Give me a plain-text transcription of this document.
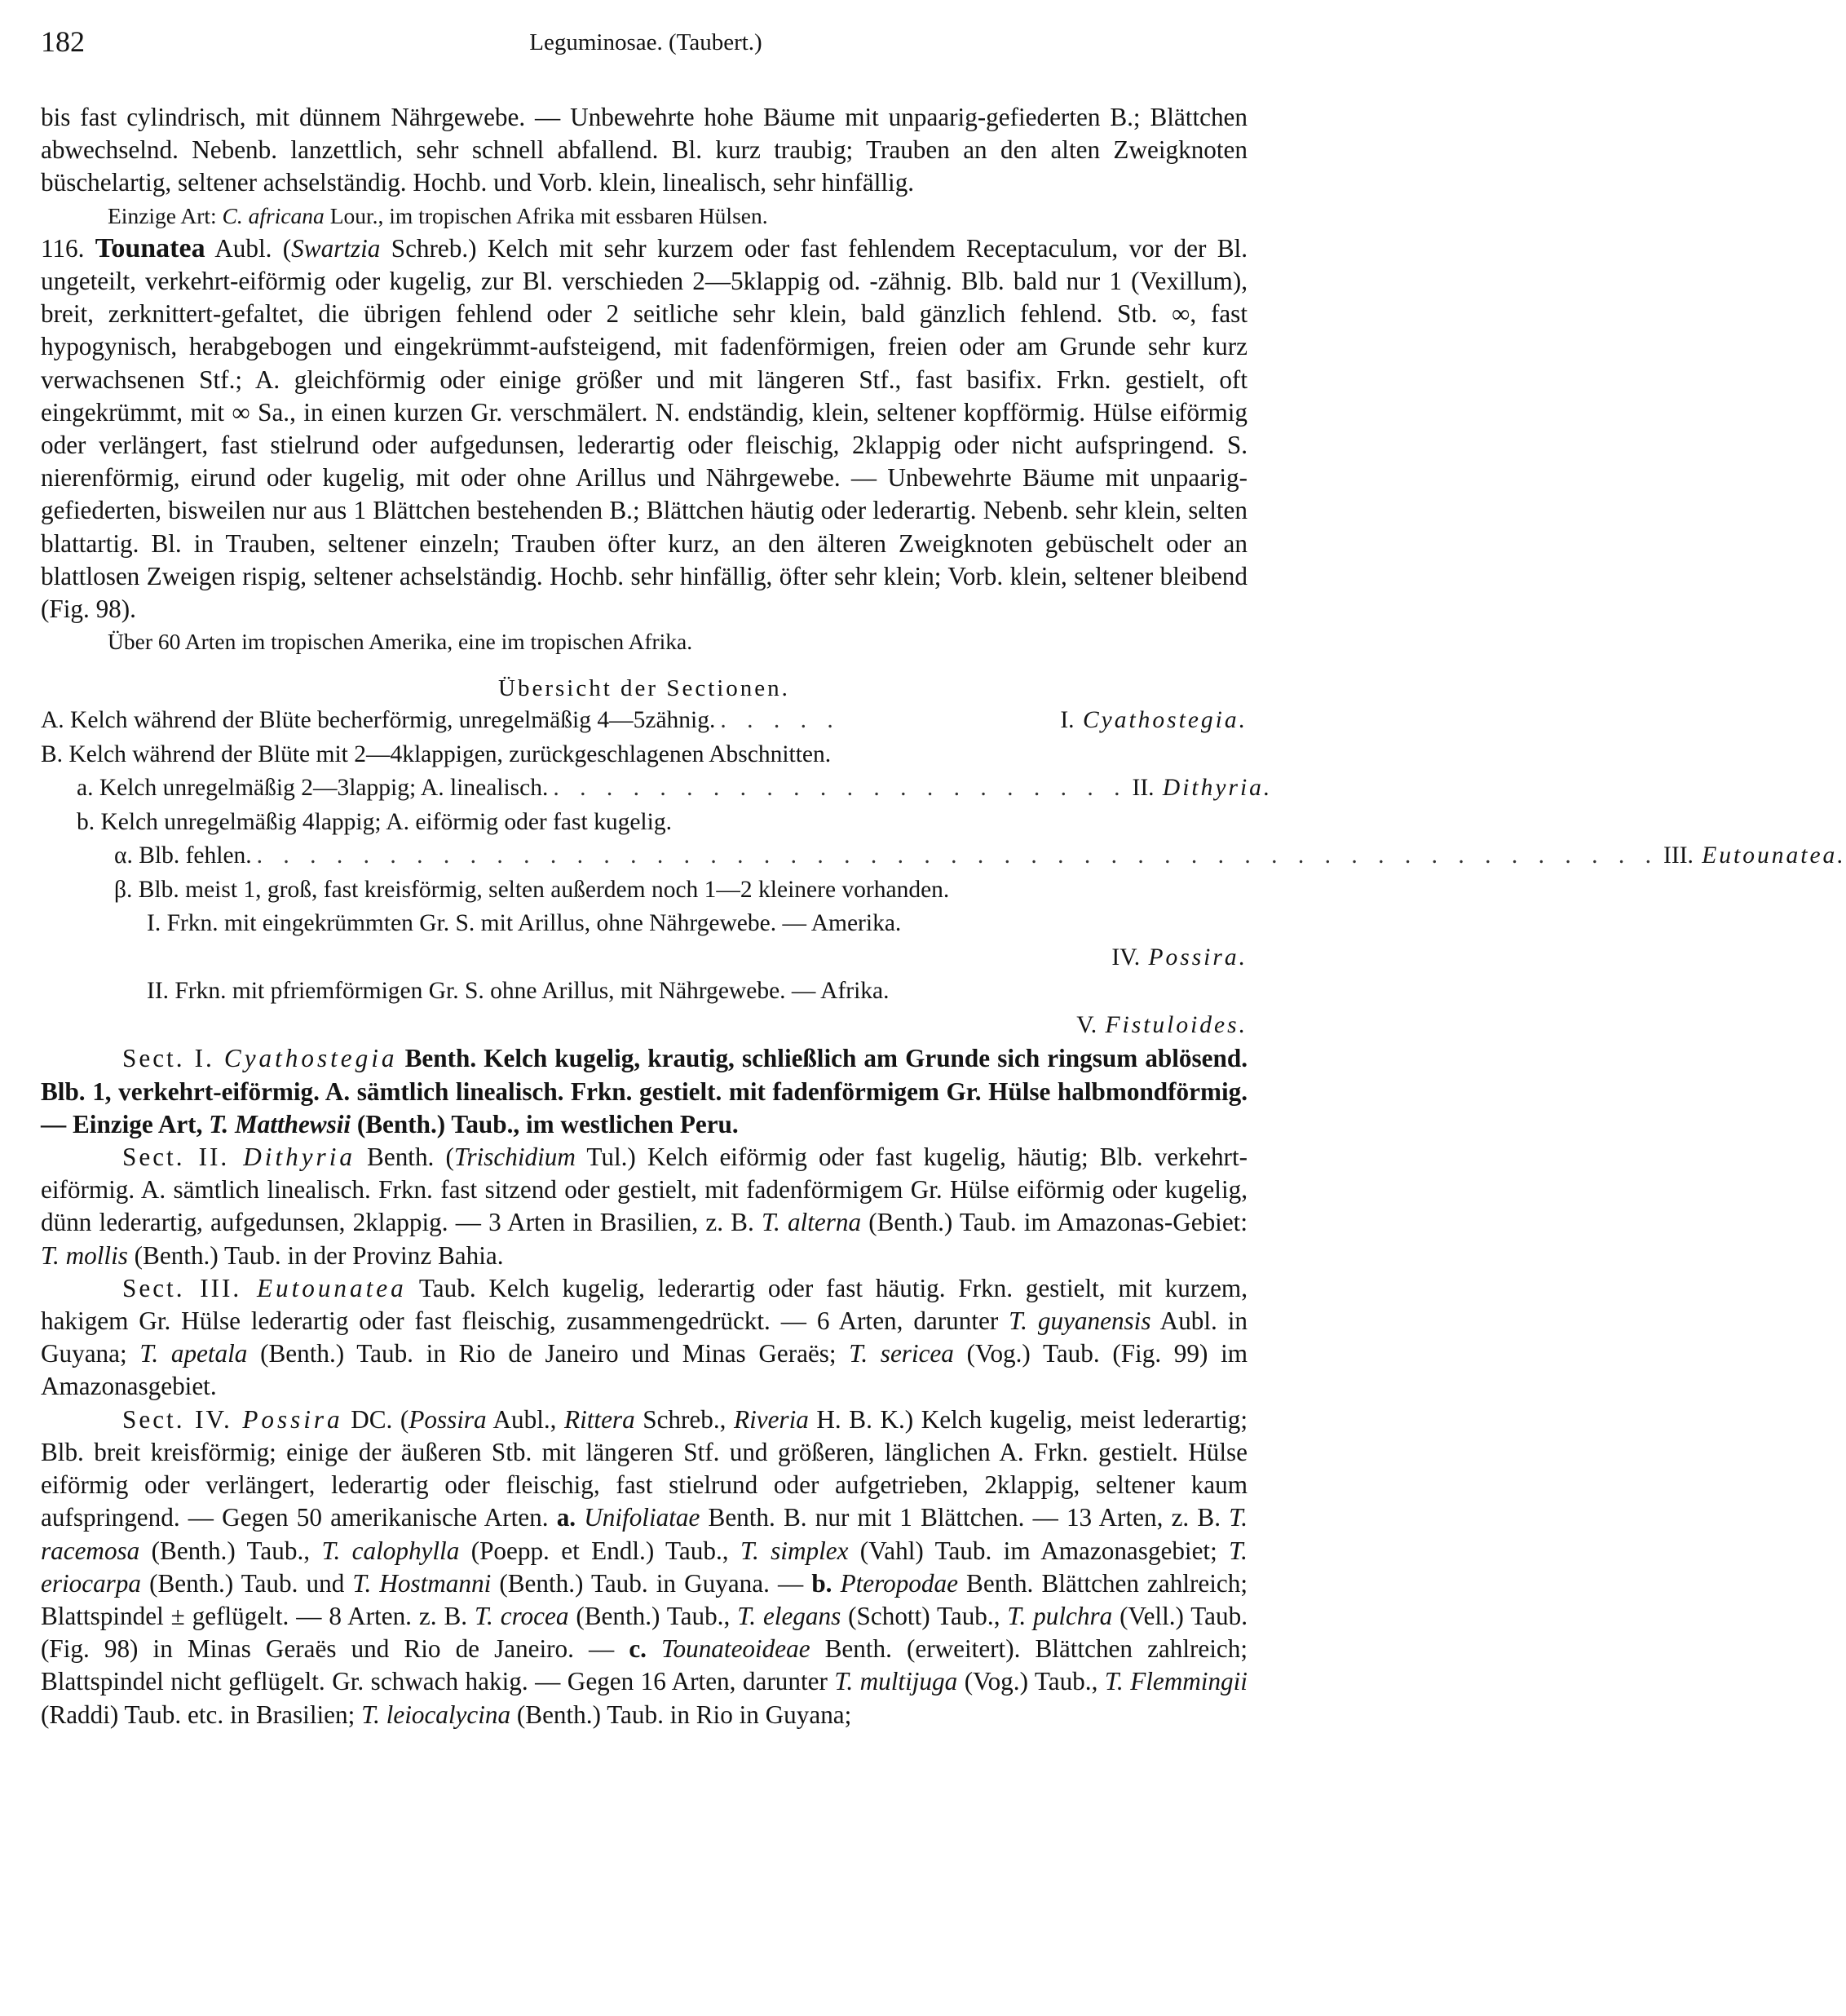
182	Leguminosae. (Taubert.)

bis fast cylindrisch, mit dünnem Nährgewebe. — Unbewehrte hohe Bäume mit unpaarig-gefiederten B.; Blättchen abwechselnd. Nebenb. lanzettlich, sehr schnell abfallend. Bl. kurz traubig; Trauben an den alten Zweigknoten büschelartig, seltener achselständig. Hochb. und Vorb. klein, linealisch, sehr hinfällig.

Einzige Art: C. africana Lour., im tropischen Afrika mit essbaren Hülsen.

116. Tounatea Aubl. (Swartzia Schreb.) Kelch mit sehr kurzem oder fast fehlendem Receptaculum, vor der Bl. ungeteilt, verkehrt-eiförmig oder kugelig, zur Bl. verschieden 2—5klappig od. -zähnig. Blb. bald nur 1 (Vexillum), breit, zerknittert-gefaltet, die übrigen fehlend oder 2 seitliche sehr klein, bald gänzlich fehlend. Stb. ∞, fast hypogynisch, herabgebogen und eingekrümmt-aufsteigend, mit fadenförmigen, freien oder am Grunde sehr kurz verwachsenen Stf.; A. gleichförmig oder einige größer und mit längeren Stf., fast basifix. Frkn. gestielt, oft eingekrümmt, mit ∞ Sa., in einen kurzen Gr. verschmälert. N. endständig, klein, seltener kopfförmig. Hülse eiförmig oder verlängert, fast stielrund oder aufgedunsen, lederartig oder fleischig, 2klappig oder nicht aufspringend. S. nierenförmig, eirund oder kugelig, mit oder ohne Arillus und Nährgewebe. — Unbewehrte Bäume mit unpaarig-gefiederten, bisweilen nur aus 1 Blättchen bestehenden B.; Blättchen häutig oder lederartig. Nebenb. sehr klein, selten blattartig. Bl. in Trauben, seltener einzeln; Trauben öfter kurz, an den älteren Zweigknoten gebüschelt oder an blattlosen Zweigen rispig, seltener achselständig. Hochb. sehr hinfällig, öfter sehr klein; Vorb. klein, seltener bleibend (Fig. 98).

Über 60 Arten im tropischen Amerika, eine im tropischen Afrika.

Übersicht der Sectionen.
A. Kelch während der Blüte becherförmig, unregelmäßig 4—5zähnig. . . . . .	I. Cyathostegia.
B. Kelch während der Blüte mit 2—4klappigen, zurückgeschlagenen Abschnitten.
a. Kelch unregelmäßig 2—3lappig; A. linealisch. . . . . . . . . . . . . . . . . . . . . . . II. Dithyria.
b. Kelch unregelmäßig 4lappig; A. eiförmig oder fast kugelig.
α. Blb. fehlen. . . . . . . . . . . . . . . . . . . . . . . . . . . . . . . . . . . . . . . . . . . . . . . . . . . . . . III. Eutounatea.
β. Blb. meist 1, groß, fast kreisförmig, selten außerdem noch 1—2 kleinere vorhanden.
I. Frkn. mit eingekrümmten Gr. S. mit Arillus, ohne Nährgewebe. — Amerika.
IV. Possira.
II. Frkn. mit pfriemförmigen Gr. S. ohne Arillus, mit Nährgewebe. — Afrika.
V. Fistuloides.

Sect. I. Cyathostegia Benth. Kelch kugelig, krautig, schließlich am Grunde sich ringsum ablösend. Blb. 1, verkehrt-eiförmig. A. sämtlich linealisch. Frkn. gestielt. mit fadenförmigem Gr. Hülse halbmondförmig. — Einzige Art, T. Matthewsii (Benth.) Taub., im westlichen Peru.

Sect. II. Dithyria Benth. (Trischidium Tul.) Kelch eiförmig oder fast kugelig, häutig; Blb. verkehrt-eiförmig. A. sämtlich linealisch. Frkn. fast sitzend oder gestielt, mit fadenförmigem Gr. Hülse eiförmig oder kugelig, dünn lederartig, aufgedunsen, 2klappig. — 3 Arten in Brasilien, z. B. T. alterna (Benth.) Taub. im Amazonas-Gebiet: T. mollis (Benth.) Taub. in der Provinz Bahia.

Sect. III. Eutounatea Taub. Kelch kugelig, lederartig oder fast häutig. Frkn. gestielt, mit kurzem, hakigem Gr. Hülse lederartig oder fast fleischig, zusammengedrückt. — 6 Arten, darunter T. guyanensis Aubl. in Guyana; T. apetala (Benth.) Taub. in Rio de Janeiro und Minas Geraës; T. sericea (Vog.) Taub. (Fig. 99) im Amazonasgebiet.

Sect. IV. Possira DC. (Possira Aubl., Rittera Schreb., Riveria H. B. K.) Kelch kugelig, meist lederartig; Blb. breit kreisförmig; einige der äußeren Stb. mit längeren Stf. und größeren, länglichen A. Frkn. gestielt. Hülse eiförmig oder verlängert, lederartig oder fleischig, fast stielrund oder aufgetrieben, 2klappig, seltener kaum aufspringend. — Gegen 50 amerikanische Arten. a. Unifoliatae Benth. B. nur mit 1 Blättchen. — 13 Arten, z. B. T. racemosa (Benth.) Taub., T. calophylla (Poepp. et Endl.) Taub., T. simplex (Vahl) Taub. im Amazonasgebiet; T. eriocarpa (Benth.) Taub. und T. Hostmanni (Benth.) Taub. in Guyana. — b. Pteropodae Benth. Blättchen zahlreich; Blattspindel ± geflügelt. — 8 Arten. z. B. T. crocea (Benth.) Taub., T. elegans (Schott) Taub., T. pulchra (Vell.) Taub. (Fig. 98) in Minas Geraës und Rio de Janeiro. — c. Tounateoideae Benth. (erweitert). Blättchen zahlreich; Blattspindel nicht geflügelt. Gr. schwach hakig. — Gegen 16 Arten, darunter T. multijuga (Vog.) Taub., T. Flemmingii (Raddi) Taub. etc. in Brasilien; T. leiocalycina (Benth.) Taub. in Rio in Guyana;
